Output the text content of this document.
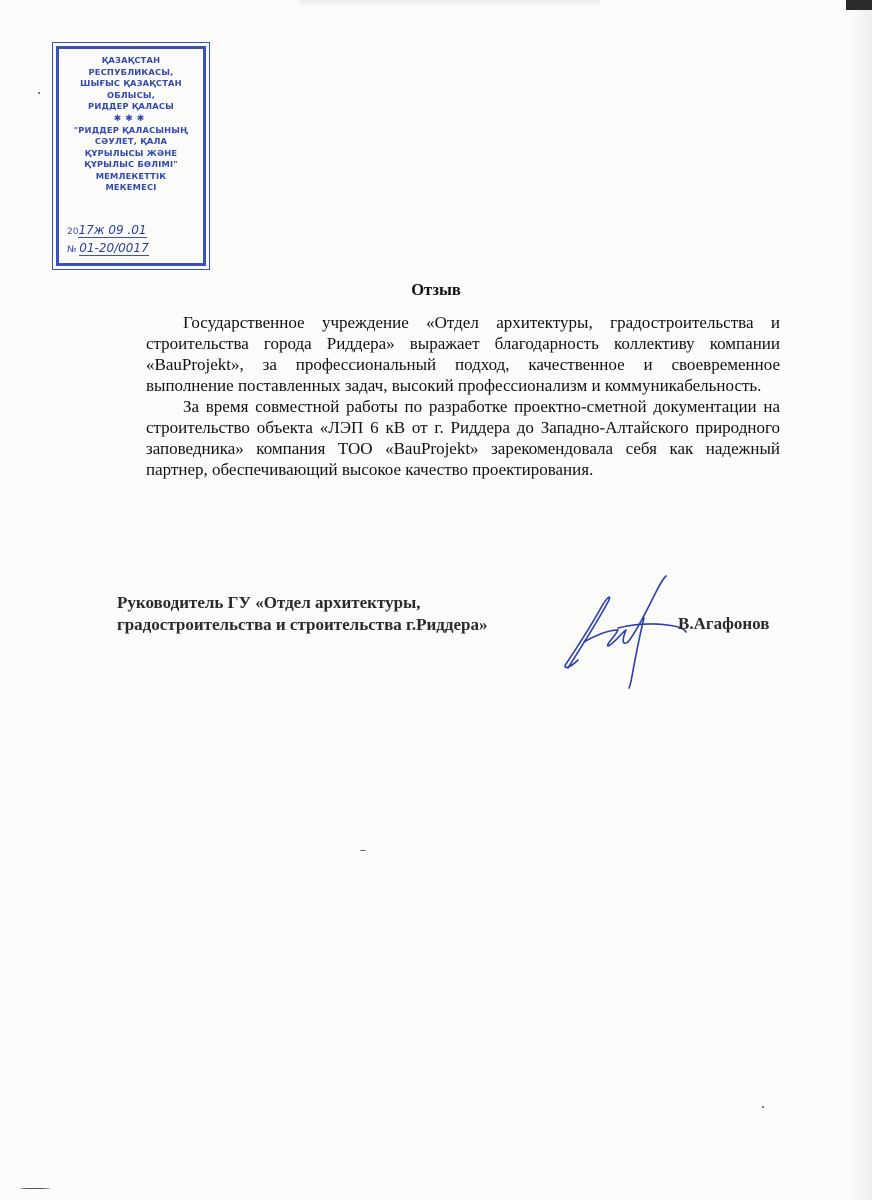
ҚАЗАҚСТАН
РЕСПУБЛИКАСЫ,
ШЫҒЫС ҚАЗАҚСТАН
ОБЛЫСЫ,
РИДДЕР ҚАЛАСЫ
✱✱✱
"РИДДЕР ҚАЛАСЫНЫҢ
СӘУЛЕТ, ҚАЛА
ҚҰРЫЛЫСЫ ЖӘНЕ
ҚҰРЫЛЫС БӨЛІМІ"
МЕМЛЕКЕТТІК
МЕКЕМЕСІ
2017ж 09 .01
№ 01-20/0017
Отзыв

Государственное учреждение «Отдел архитектуры, градостроительства и строительства города Риддера» выражает благодарность коллективу компании «BauProjekt», за профессиональный подход, качественное и своевременное выполнение поставленных задач, высокий профессионализм и коммуникабельность.

За время совместной работы по разработке проектно-сметной документации на строительство объекта «ЛЭП 6 кВ от г. Риддера до Западно-Алтайского природного заповедника» компания ТОО «BauProjekt» зарекомендовала себя как надежный партнер, обеспечивающий высокое качество проектирования.

Руководитель ГУ «Отдел архитектуры,
градостроительства и строительства г.Риддера»	В.Агафонов
